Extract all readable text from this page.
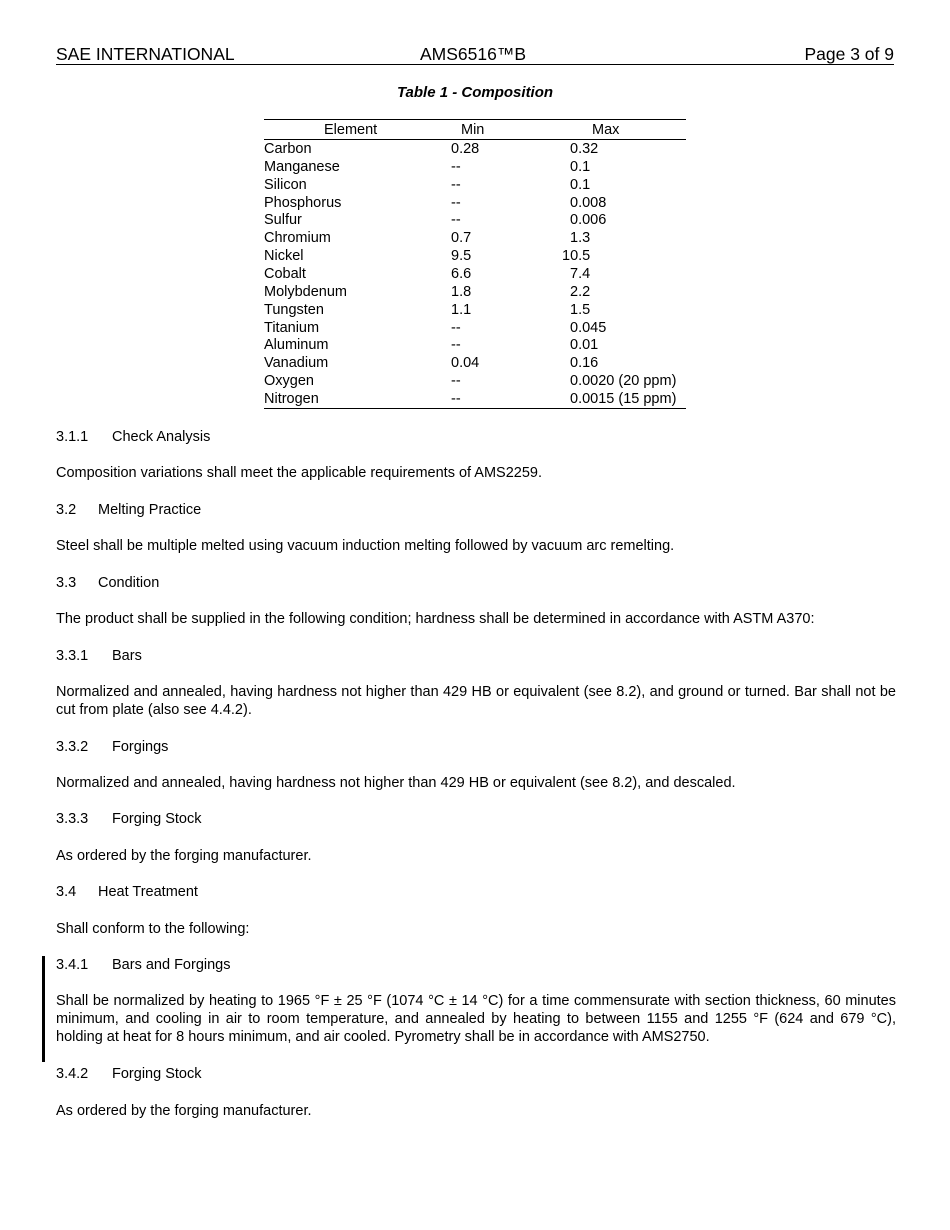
SAE INTERNATIONAL	AMS6516™B	Page 3 of 9
Table 1 - Composition
Element	Min	Max
Carbon	0.28	0.32
Manganese	--	0.1
Silicon	--	0.1
Phosphorus	--	0.008
Sulfur	--	0.006
Chromium	0.7	1.3
Nickel	9.5	10.5
Cobalt	6.6	7.4
Molybdenum	1.8	2.2
Tungsten	1.1	1.5
Titanium	--	0.045
Aluminum	--	0.01
Vanadium	0.04	0.16
Oxygen	--	0.0020 (20 ppm)
Nitrogen	--	0.0015 (15 ppm)
3.1.1 Check Analysis
Composition variations shall meet the applicable requirements of AMS2259.
3.2 Melting Practice
Steel shall be multiple melted using vacuum induction melting followed by vacuum arc remelting.
3.3 Condition
The product shall be supplied in the following condition; hardness shall be determined in accordance with ASTM A370:
3.3.1 Bars
Normalized and annealed, having hardness not higher than 429 HB or equivalent (see 8.2), and ground or turned. Bar shall not be cut from plate (also see 4.4.2).
3.3.2 Forgings
Normalized and annealed, having hardness not higher than 429 HB or equivalent (see 8.2), and descaled.
3.3.3 Forging Stock
As ordered by the forging manufacturer.
3.4 Heat Treatment
Shall conform to the following:
3.4.1 Bars and Forgings
Shall be normalized by heating to 1965 °F ± 25 °F (1074 °C ± 14 °C) for a time commensurate with section thickness, 60 minutes minimum, and cooling in air to room temperature, and annealed by heating to between 1155 and 1255 °F (624 and 679 °C), holding at heat for 8 hours minimum, and air cooled. Pyrometry shall be in accordance with AMS2750.
3.4.2 Forging Stock
As ordered by the forging manufacturer.
